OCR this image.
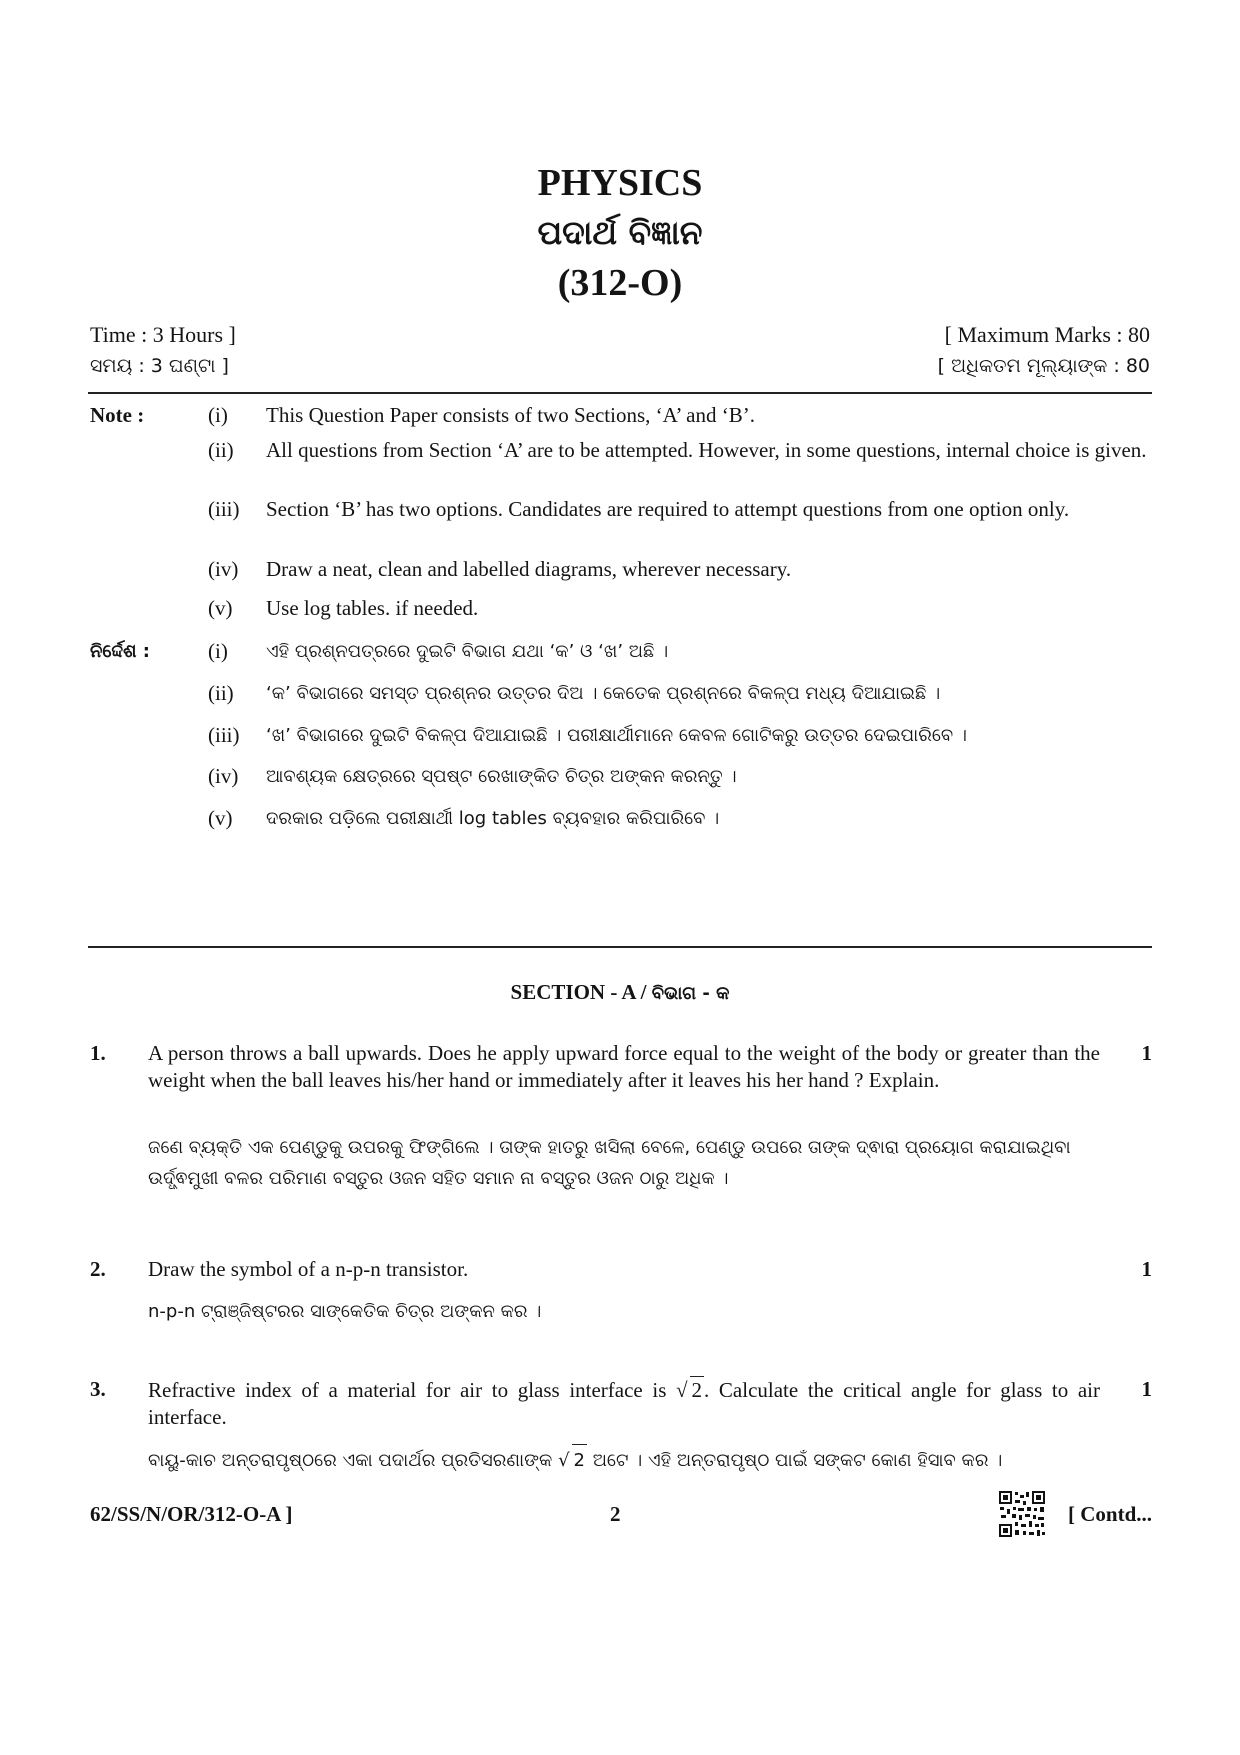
PHYSICS
ପଦାର୍ଥ ବିଜ୍ଞାନ
(312-O)
Time : 3 Hours ]	[ Maximum Marks : 80
ସମୟ : 3 ଘଣ୍ଟା ]	[ ଅଧିକତମ ମୂଲ୍ୟାଙ୍କ : 80
Note :	(i) This Question Paper consists of two Sections, ‘A’ and ‘B’.
(ii) All questions from Section ‘A’ are to be attempted. However, in some questions, internal choice is given.
(iii) Section ‘B’ has two options. Candidates are required to attempt questions from one option only.
(iv) Draw a neat, clean and labelled diagrams, wherever necessary.
(v) Use log tables. if needed.
ନିର୍ଦ୍ଦେଶ :	(i) ଏହି ପ୍ରଶ୍ନପତ୍ରରେ ଦୁଇଟି ବିଭାଗ ଯଥା ‘କ’ ଓ ‘ଖ’ ଅଛି ।
(ii) ‘କ’ ବିଭାଗରେ ସମସ୍ତ ପ୍ରଶ୍ନର ଉତ୍ତର ଦିଅ । କେତେକ ପ୍ରଶ୍ନରେ ବିକଳ୍ପ ମଧ୍ୟ ଦିଆଯାଇଛି ।
(iii) ‘ଖ’ ବିଭାଗରେ ଦୁଇଟି ବିକଳ୍ପ ଦିଆଯାଇଛି । ପରୀକ୍ଷାର୍ଥୀମାନେ କେବଳ ଗୋଟିକରୁ ଉତ୍ତର ଦେଇପାରିବେ ।
(iv) ଆବଶ୍ୟକ କ୍ଷେତ୍ରରେ ସ୍ପଷ୍ଟ ରେଖାଙ୍କିତ ଚିତ୍ର ଅଙ୍କନ କରନ୍ତୁ ।
(v) ଦରକାର ପଡ଼ିଲେ ପରୀକ୍ଷାର୍ଥୀ log tables ବ୍ୟବହାର କରିପାରିବେ ।
SECTION - A / ବିଭାଗ - କ
1. A person throws a ball upwards. Does he apply upward force equal to the weight of the body or greater than the weight when the ball leaves his/her hand or immediately after it leaves his her hand ? Explain.
1
ଜଣେ ବ୍ୟକ୍ତି ଏକ ପେଣ୍ଡୁକୁ ଉପରକୁ ଫିଙ୍ଗିଲେ । ତାଙ୍କ ହାତରୁ ଖସିଲା ବେଳେ, ପେଣ୍ଡୁ ଉପରେ ତାଙ୍କ ଦ୍ଵାରା ପ୍ରୟୋଗ କରାଯାଇଥିବା ଉର୍ଦ୍ଧ୍ଵମୁଖୀ ବଳର ପରିମାଣ ବସ୍ତୁର ଓଜନ ସହିତ ସମାନ ନା ବସ୍ତୁର ଓଜନ ଠାରୁ ଅଧିକ ।
2. Draw the symbol of a n-p-n transistor.	1
n-p-n ଟ୍ରାଞ୍ଜିଷ୍ଟରର ସାଙ୍କେତିକ ଚିତ୍ର ଅଙ୍କନ କର ।
3. Refractive index of a material for air to glass interface is √ 2. Calculate the critical angle for glass to air interface.
1
ବାୟୁ-କାଚ ଅନ୍ତରାପୃଷ୍ଠରେ ଏକା ପଦାର୍ଥର ପ୍ରତିସରଣାଙ୍କ √ 2 ଅଟେ । ଏହି ଅନ୍ତରାପୃଷ୍ଠ ପାଇଁ ସଙ୍କଟ କୋଣ ହିସାବ କର ।
62/SS/N/OR/312-O-A ]	2	[ Contd...
